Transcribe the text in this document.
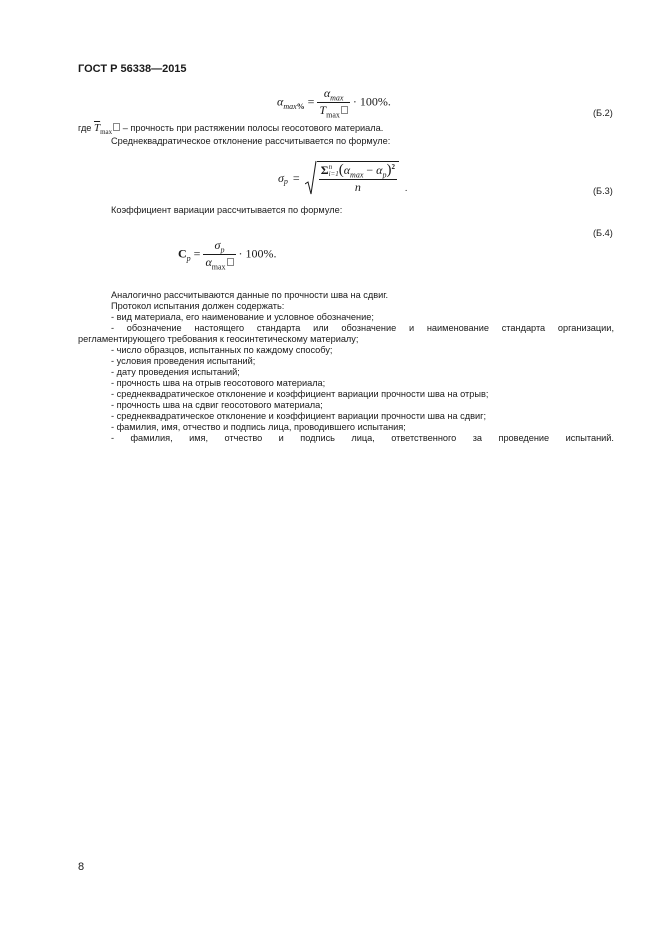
ГОСТ Р 56338—2015
$\alpha_{max\%} = \frac{\alpha_{max}}{\overline{T}_{max}} \cdot 100\%$.
(Б.2)
где $\overline{T}_{max}$ – прочность при растяжении полосы геосотового материала.
Среднеквадратическое отклонение рассчитывается по формуле:
$\sigma_p$ =
Σ n
i=1 $(\alpha_{max} - \alpha_p)^2$
n	.	(Б.3)
Коэффициент вариации рассчитывается по формуле:
(Б.4)
$C_p = \frac{\sigma_p}{\alpha_{max}} \cdot 100\%$.
Аналогично рассчитываются данные по прочности шва на сдвиг.
Протокол испытания должен содержать:
- вид материала, его наименование и условное обозначение;
- обозначение настоящего стандарта или обозначение и наименование стандарта организации,
регламентирующего требования к геосинтетическому материалу;
- число образцов, испытанных по каждому способу;
- условия проведения испытаний;
- дату проведения испытаний;
- прочность шва на отрыв геосотового материала;
- среднеквадратическое отклонение и коэффициент вариации прочности шва на отрыв;
- прочность шва на сдвиг геосотового материала;
- среднеквадратическое отклонение и коэффициент вариации прочности шва на сдвиг;
- фамилия, имя, отчество и подпись лица, проводившего испытания;
- фамилия, имя, отчество и подпись лица, ответственного за проведение испытаний.
8
